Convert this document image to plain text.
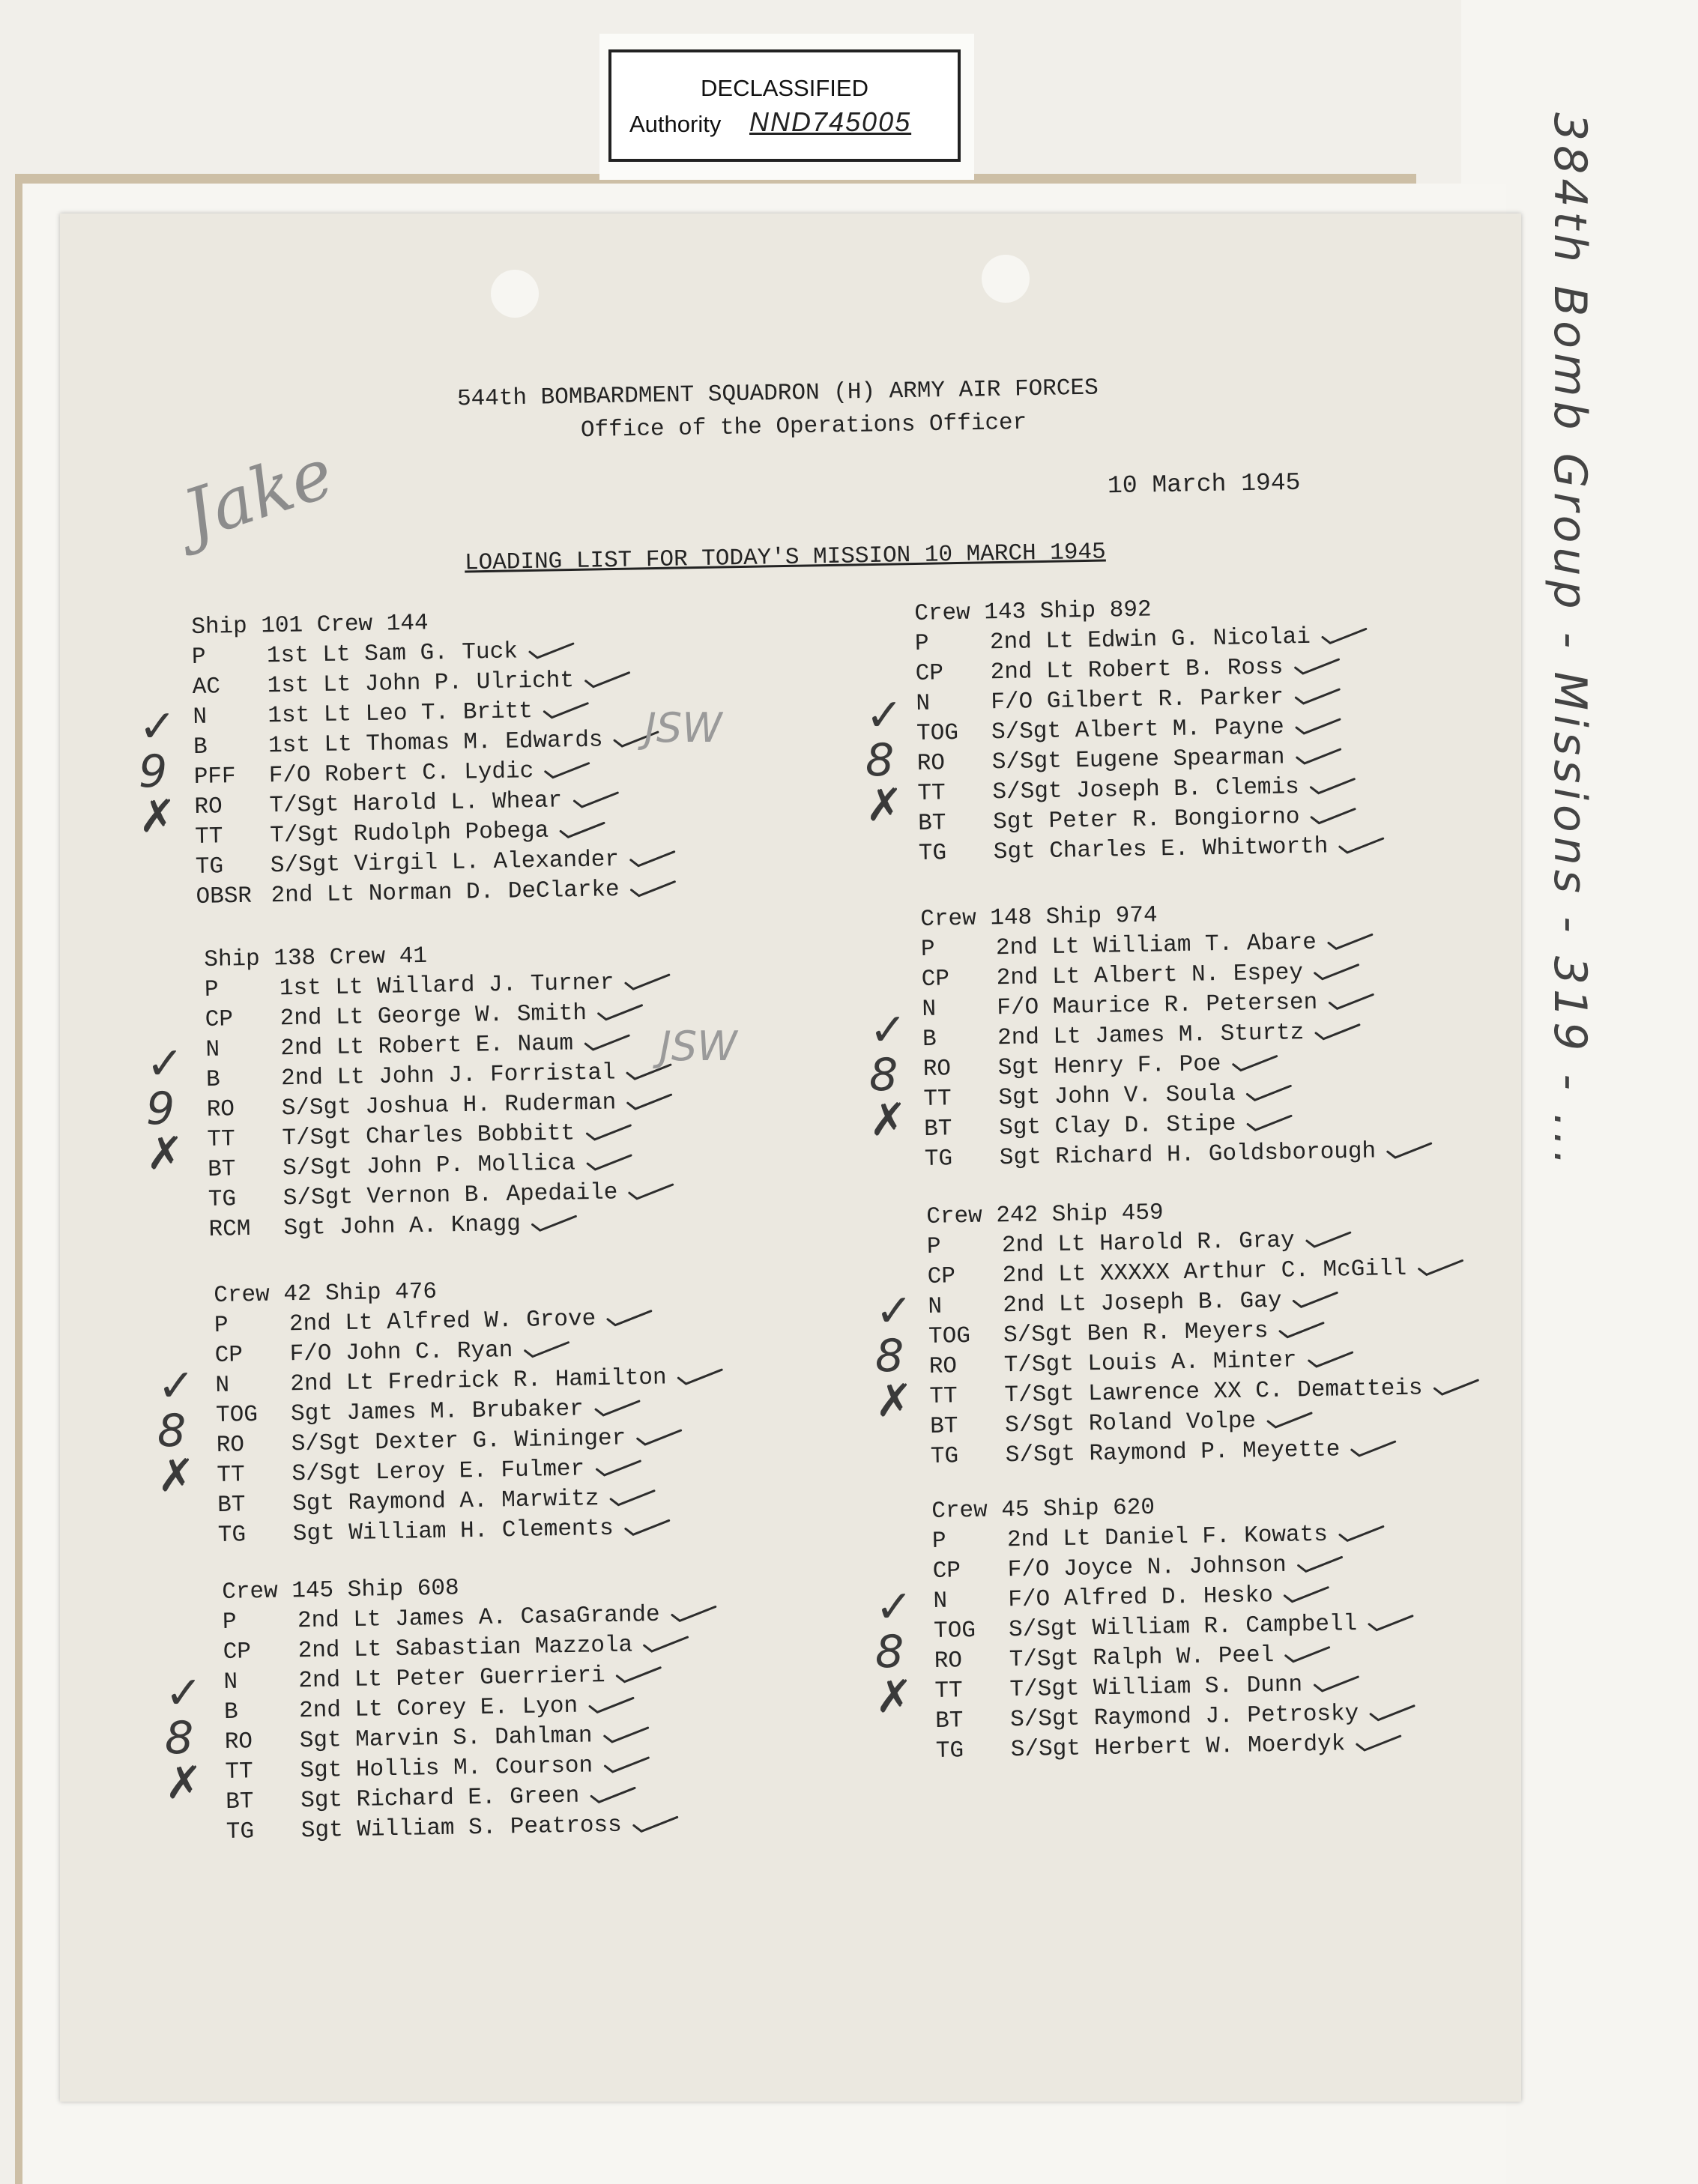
DECLASSIFIED
Authority NND745005	384th Bomb Group - Missions - 319 - ...
Jake
544th BOMBARDMENT SQUADRON (H) ARMY AIR FORCES
Office of the Operations Officer
10 March 1945
LOADING LIST FOR TODAY'S MISSION 10 MARCH 1945
Ship 101 Crew 144
P	1st Lt Sam G. Tuck
AC 1st Lt John P. Ulricht
N	1st Lt Leo T. Britt
B	1st Lt Thomas M. Edwards
PFF F/O Robert C. Lydic
RO T/Sgt Harold L. Whear
TT T/Sgt Rudolph Pobega
TG S/Sgt Virgil L. Alexander
OBSR 2nd Lt Norman D. DeClarke
✓
9
✗
JSW
Ship 138 Crew 41
P	1st Lt Willard J. Turner
CP 2nd Lt George W. Smith
N	2nd Lt Robert E. Naum
B	2nd Lt John J. Forristal
RO S/Sgt Joshua H. Ruderman
TT T/Sgt Charles Bobbitt
BT S/Sgt John P. Mollica
TG S/Sgt Vernon B. Apedaile
RCM Sgt John A. Knagg
✓
9
✗
JSW
Crew 42 Ship 476
P	2nd Lt Alfred W. Grove
CP F/O John C. Ryan
N	2nd Lt Fredrick R. Hamilton
TOG Sgt James M. Brubaker
RO S/Sgt Dexter G. Wininger
TT S/Sgt Leroy E. Fulmer
BT Sgt Raymond A. Marwitz
TG Sgt William H. Clements
✓
8
✗
Crew 145 Ship 608
P	2nd Lt James A. CasaGrande
CP 2nd Lt Sabastian Mazzola
N	2nd Lt Peter Guerrieri
B	2nd Lt Corey E. Lyon
RO Sgt Marvin S. Dahlman
TT Sgt Hollis M. Courson
BT Sgt Richard E. Green
TG Sgt William S. Peatross
✓
8
✗
Crew 143 Ship 892
P	2nd Lt Edwin G. Nicolai
CP 2nd Lt Robert B. Ross
N	F/O Gilbert R. Parker
TOG S/Sgt Albert M. Payne
RO S/Sgt Eugene Spearman
TT S/Sgt Joseph B. Clemis
BT Sgt Peter R. Bongiorno
TG Sgt Charles E. Whitworth
✓
8
✗
Crew 148 Ship 974
P	2nd Lt William T. Abare
CP 2nd Lt Albert N. Espey
N	F/O Maurice R. Petersen
B	2nd Lt James M. Sturtz
RO Sgt Henry F. Poe
TT Sgt John V. Soula
BT Sgt Clay D. Stipe
TG Sgt Richard H. Goldsborough
✓
8
✗
Crew 242 Ship 459
P	2nd Lt Harold R. Gray
CP 2nd Lt XXXXX Arthur C. McGill
N	2nd Lt Joseph B. Gay
TOG S/Sgt Ben R. Meyers
RO T/Sgt Louis A. Minter
TT T/Sgt Lawrence XX C. Dematteis
BT S/Sgt Roland Volpe
TG S/Sgt Raymond P. Meyette
✓
8
✗
Crew 45 Ship 620
P	2nd Lt Daniel F. Kowats
CP F/O Joyce N. Johnson
N	F/O Alfred D. Hesko
TOG S/Sgt William R. Campbell
RO T/Sgt Ralph W. Peel
TT T/Sgt William S. Dunn
BT S/Sgt Raymond J. Petrosky
TG S/Sgt Herbert W. Moerdyk
✓
8
✗
